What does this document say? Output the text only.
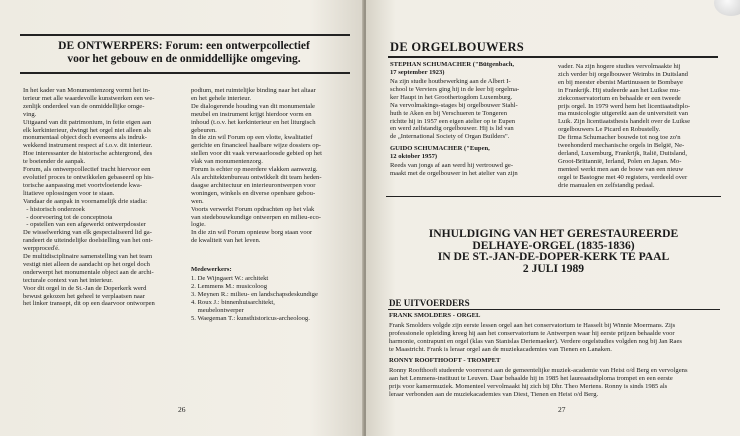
DE ONTWERPERS: Forum: een ontwerpcollectief
voor het gebouw en de onmiddellijke omgeving.
In het kader van Monumentenzorg vormt het in-
terieur met alle waardevolle kunstwerken een we-
zenlijk onderdeel van de onmiddellijke omge-
ving.
Uitgaand van dit patrimonium, in feite eigen aan
elk kerkinterieur, dwingt het orgel niet alleen als
monumentaal object doch eveneens als indruk-
wekkend instrument respect af t.o.v. dit interieur.
Hoe interessanter de historische achtergrond, des
te boeiender de aanpak.
Forum, als ontwerpcollectief tracht hiervoor een
evolutief proces te ontwikkelen gebaseerd op his-
torische aanpassing met voortvloeiende kwa-
litatieve oplossingen voor te staan.
Vandaar de aanpak in voornamelijk drie stadia:
- historisch onderzoek
- doorvoering tot de conceptnota
- opstellen van een afgewerkt ontwerpdossier
De wisselwerking van elk gespecialiseerd lid ga-
randeert de uiteindelijke doelstelling van het ont-
werpproceďé.
De multidisciplinaire samenstelling van het team
vestigt niet alleen de aandacht op het orgel doch
onderwerpt het monumentale object aan de archi-
tecturale context van het interieur.
Voor dit orgel in de St.-Jan de Doperkerk werd
bewust gekozen het geheel te verplaatsen naar
het linker transept, dit op een daarvoor ontworpen
podium, met ruimtelijke binding naar het altaar
en het gehele interieur.
De dialogerende houding van dit monumentale
meubel en instrument krijgt hierdoor vorm en
inhoud (t.o.v. het kerkinterieur en het liturgisch
gebeuren.
In die zin wil Forum op een vlotte, kwalitatief
gerichte en financieel haalbare wijze dossiers op-
stellen voor dit vaak verwaarloosde gebied op het
vlak van monumentenzorg.
Forum is echter op meerdere vlakken aanwezig.
Als architektenbureau ontwikkelt dit team heden-
daagse architectuur en interieurontwerpen voor
woningen, winkels en diverse openbare gebou-
wen.
Voorts verwerkt Forum opdrachten op het vlak
van stedebouwkundige ontwerpen en milieu-eco-
logie.
In die zin wil Forum opnieuw borg staan voor
de kwaliteit van het leven.
Medewerkers:
1. De Wijngaert W.: architekt
2. Lemmens M.: musicoloog
3. Meynen R.: milieu- en landschapsdeskundige
4. Roux J.: binnenhuisarchitekt,
meubelontwerper
5. Waegeman T.: kunsthistoricus-archeoloog.
26
DE ORGELBOUWERS
STEPHAN SCHUMACHER ("Bütgenbach,
17 september 1923)
Na zijn studie houtbewerking aan de Albert I-
school te Verviers ging hij in de leer bij orgelma-
ker Haupt in het Groothertogdom Luxemburg.
Na vervolmakings-stages bij orgelbouwer Stahl-
huth te Aken en bij Verschueren te Tongeren
richtte hij in 1957 een eigen atelier op te Eupen
en werd zelfstandig orgelbouwer. Hij is lid van
de „International Society of Organ Builders".
GUIDO SCHUMACHER ("Eupen,
12 oktober 1957)
Reeds van jongs af aan werd hij vertrouwd ge-
maakt met de orgelbouwer in het atelier van zijn
vader. Na zijn hogere studies vervolmaakte hij
zich verder bij orgelbouwer Weimbs in Duitsland
en bij meester ebenist Martinussen te Bombaye
in Frankrijk. Hij studeerde aan het Luikse mu-
ziekconservatorium en behaalde er een tweede
prijs orgel. In 1979 werd hem het licentiaatsdiplo-
ma musicologie uitgereikt aan de universiteit van
Luik. Zijn licentiaatsthesis handelt over de Luikse
orgelbouwers Le Picard en Robustelly.
De firma Schumacher bouwde tot nog toe zo'n
tweehonderd mechanische orgels in België, Ne-
derland, Luxemburg, Frankrijk, Italië, Duitsland,
Groot-Brittannië, Ierland, Polen en Japan. Mo-
menteel werkt men aan de bouw van een nieuw
orgel te Bastogne met 40 registers, verdeeld over
drie manualen en zelfstandig pedaal.
INHULDIGING VAN HET GERESTAUREERDE
DELHAYE-ORGEL (1835-1836)
IN DE ST.-JAN-DE-DOPER-KERK TE PAAL
2 JULI 1989
DE UITVOERDERS
FRANK SMOLDERS - ORGEL
Frank Smolders volgde zijn eerste lessen orgel aan het conservatorium te Hasselt bij Winnie Moermans. Zijs
professionele opleiding kreeg hij aan het conservatorium te Antwerpen waar hij eerste prijzen behaalde voor
harmonie, contrapunt en orgel (klas van Stanislas Deriemaeker). Verdere orgelstudies volgden nog bij Jan Raes
te Maastricht. Frank is leraar orgel aan de muziekacademies van Tienen en Lanaken.
RONNY ROOFTHOOFT - TROMPET
Ronny Roofthooft studeerde voorreerst aan de gemeentelijke muziek-academie van Heist o/d Berg en vervolgens
aan het Lemmens-instituut te Leuven. Daar behaalde hij in 1985 het laureaatsdiploma trompet en een eerste
prijs voor kamermuziek. Momenteel vervolmaakt hij zich bij Dhr. Theo Mertens. Ronny is sinds 1985 als
leraar verbonden aan de muziekacademies van Diest, Tienen en Heist o/d Berg.
27
